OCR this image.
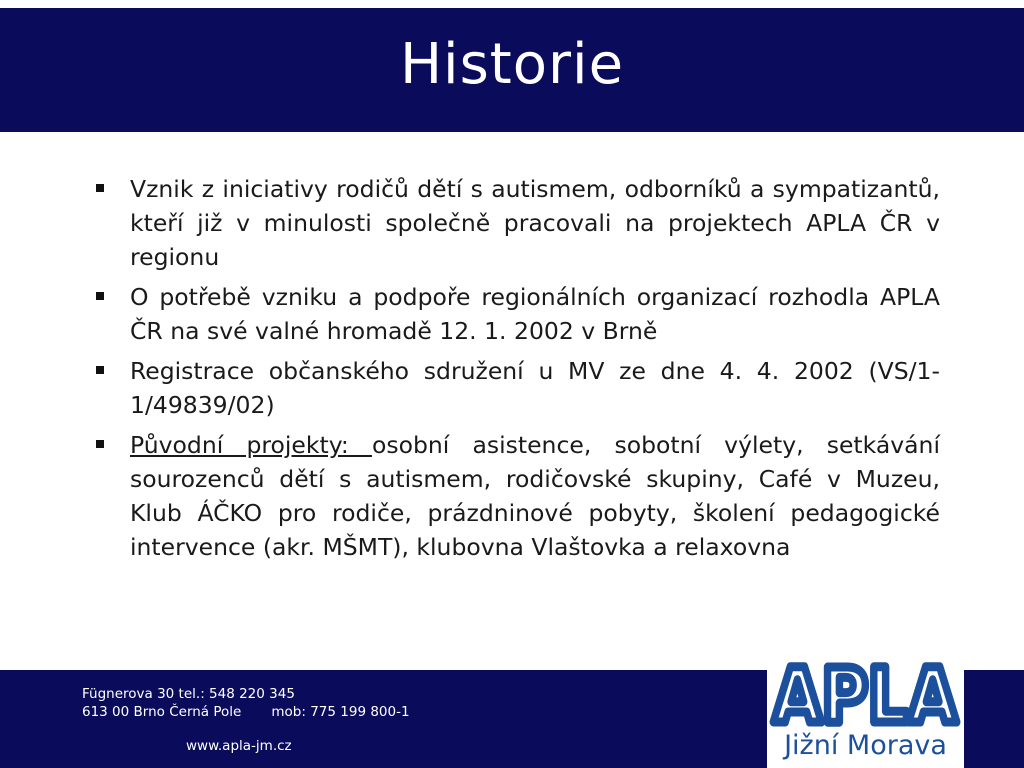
Historie
Vznik z iniciativy rodičů dětí s autismem, odborníků a sympatizantů, kteří již v minulosti společně pracovali na projektech APLA ČR v regionu
O potřebě vzniku a podpoře regionálních organizací rozhodla APLA ČR na své valné hromadě 12. 1. 2002 v Brně
Registrace občanského sdružení u MV ze dne 4. 4. 2002 (VS/1-1/49839/02)
Původní projekty: osobní asistence, sobotní výlety, setkávání sourozenců dětí s autismem, rodičovské skupiny, Café v Muzeu, Klub ÁČKO pro rodiče, prázdninové pobyty, školení pedagogické intervence (akr. MŠMT), klubovna Vlaštovka a relaxovna
Fügnerova 30 tel.: 548 220 345
613 00 Brno Černá Pole       mob: 775 199 800-1
www.apla-jm.cz
APLA
Jižní Morava
